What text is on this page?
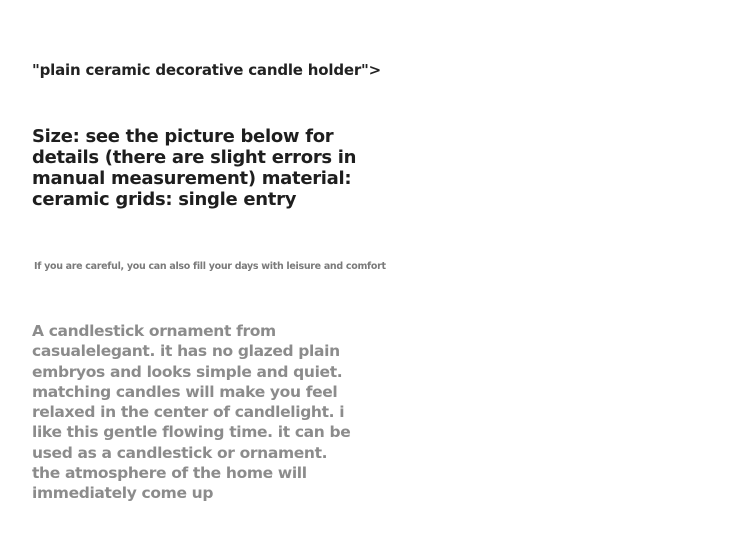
"plain ceramic decorative candle holder">

Size: see the picture below for details (there are slight errors in manual measurement) material: ceramic grids: single entry

If you are careful, you can also fill your days with leisure and comfort

A candlestick ornament from casualelegant. it has no glazed plain embryos and looks simple and quiet. matching candles will make you feel relaxed in the center of candlelight. i like this gentle flowing time. it can be used as a candlestick or ornament. the atmosphere of the home will immediately come up
